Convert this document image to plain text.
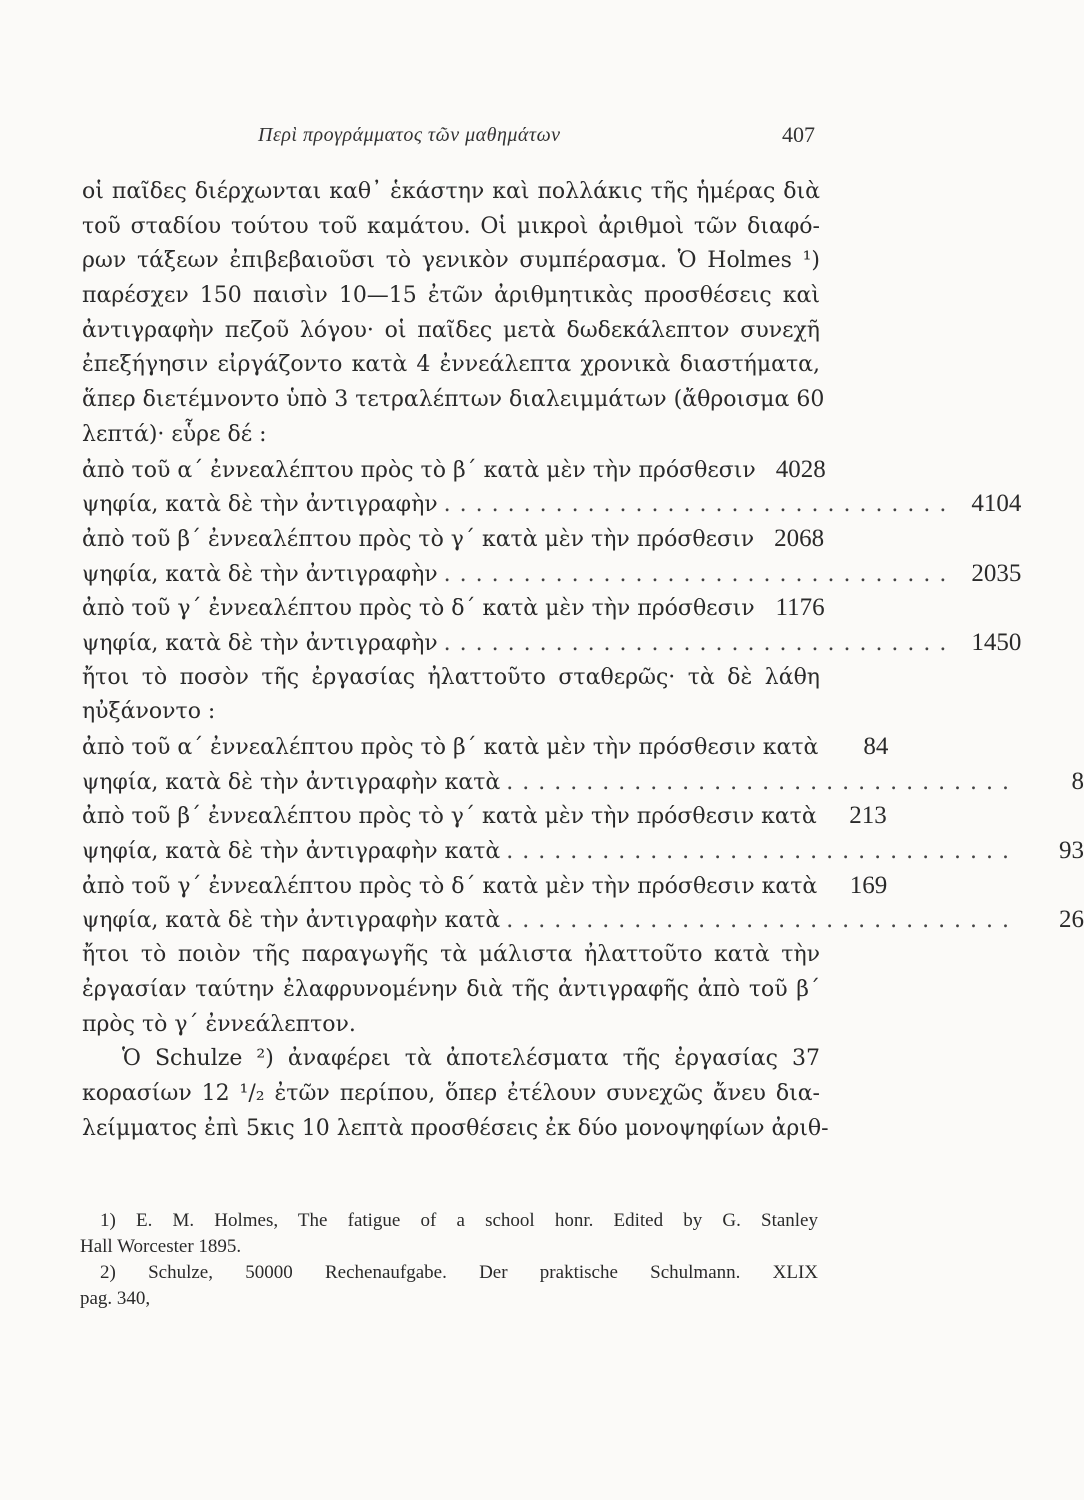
Περὶ προγράμματος τῶν μαθημάτων	407
οἱ παῖδες διέρχωνται καθ᾽ ἑκάστην καὶ πολλάκις τῆς ἡμέρας διὰ
τοῦ σταδίου τούτου τοῦ καμάτου. Οἱ μικροὶ ἀριθμοὶ τῶν διαφό-
ρων τάξεων ἐπιβεβαιοῦσι τὸ γενικὸν συμπέρασμα. Ὁ Holmes ¹)
παρέσχεν 150 παισὶν 10—15 ἐτῶν ἀριθμητικὰς προσθέσεις καὶ
ἀντιγραφὴν πεζοῦ λόγου· οἱ παῖδες μετὰ δωδεκάλεπτον συνεχῆ
ἐπεξήγησιν εἰργάζοντο κατὰ 4 ἐννεάλεπτα χρονικὰ διαστήματα,
ἅπερ διετέμνοντο ὑπὸ 3 τετραλέπτων διαλειμμάτων (ἄθροισμα 60
λεπτά)· εὗρε δέ :
ἀπὸ τοῦ α΄ ἐννεαλέπτου πρὸς τὸ β΄ κατὰ μὲν τὴν πρόσθεσιν 4028
ψηφία, κατὰ δὲ τὴν ἀντιγραφὴν ................................ 4104
ἀπὸ τοῦ β΄ ἐννεαλέπτου πρὸς τὸ γ΄ κατὰ μὲν τὴν πρόσθεσιν 2068
ψηφία, κατὰ δὲ τὴν ἀντιγραφὴν ................................ 2035
ἀπὸ τοῦ γ΄ ἐννεαλέπτου πρὸς τὸ δ΄ κατὰ μὲν τὴν πρόσθεσιν 1176
ψηφία, κατὰ δὲ τὴν ἀντιγραφὴν ................................ 1450
ἤτοι τὸ ποσὸν τῆς ἐργασίας ἠλαττοῦτο σταθερῶς· τὰ δὲ λάθη
ηὐξάνοντο :
ἀπὸ τοῦ α΄ ἐννεαλέπτου πρὸς τὸ β΄ κατὰ μὲν τὴν πρόσθεσιν κατὰ	84
ψηφία, κατὰ δὲ τὴν ἀντιγραφὴν κατὰ ................................	8
ἀπὸ τοῦ β΄ ἐννεαλέπτου πρὸς τὸ γ΄ κατὰ μὲν τὴν πρόσθεσιν κατὰ	213
ψηφία, κατὰ δὲ τὴν ἀντιγραφὴν κατὰ ................................	93
ἀπὸ τοῦ γ΄ ἐννεαλέπτου πρὸς τὸ δ΄ κατὰ μὲν τὴν πρόσθεσιν κατὰ	169
ψηφία, κατὰ δὲ τὴν ἀντιγραφὴν κατὰ ................................	26
ἤτοι τὸ ποιὸν τῆς παραγωγῆς τὰ μάλιστα ἠλαττοῦτο κατὰ τὴν
ἐργασίαν ταύτην ἐλαφρυνομένην διὰ τῆς ἀντιγραφῆς ἀπὸ τοῦ β΄
πρὸς τὸ γ΄ ἐννεάλεπτον.
Ὁ Schulze ²) ἀναφέρει τὰ ἀποτελέσματα τῆς ἐργασίας 37
κορασίων 12 ¹/₂ ἐτῶν περίπου, ὅπερ ἐτέλουν συνεχῶς ἄνευ δια-
λείμματος ἐπὶ 5κις 10 λεπτὰ προσθέσεις ἐκ δύο μονοψηφίων ἀριθ-
1) E. M. Holmes, The fatigue of a school honr. Edited by G. Stanley
Hall Worcester 1895.
2) Schulze, 50000 Rechenaufgabe. Der praktische Schulmann. XLIX
pag. 340,
